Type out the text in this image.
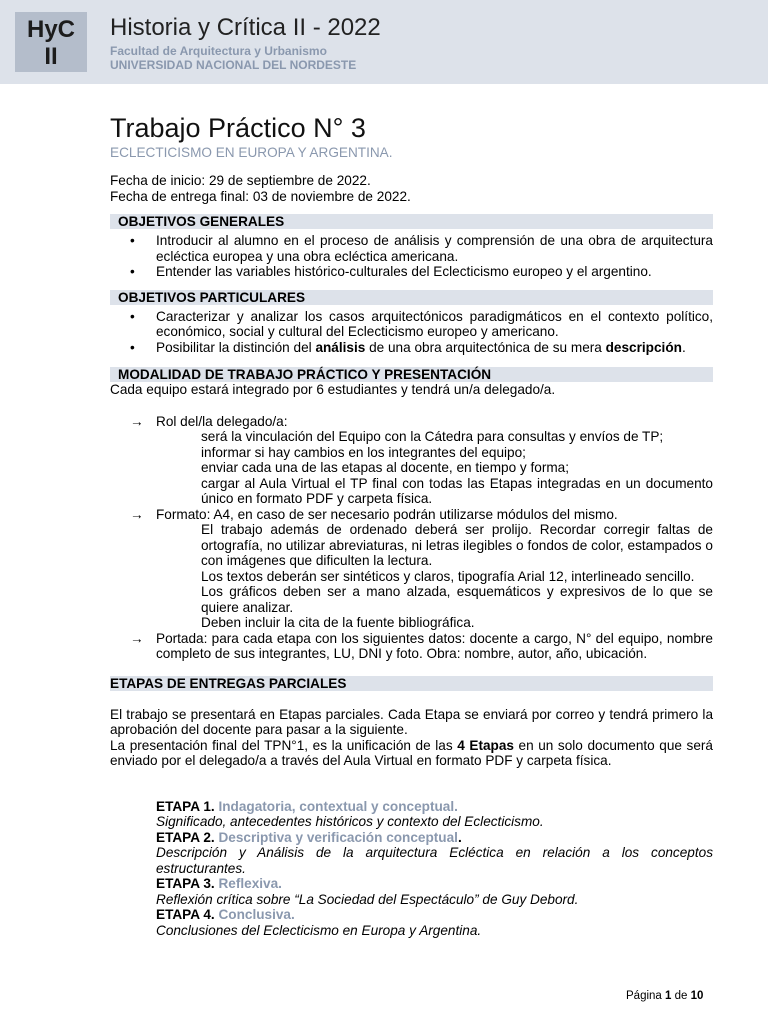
HyC
II
Historia y Crítica II - 2022
Facultad de Arquitectura y Urbanismo
UNIVERSIDAD NACIONAL DEL NORDESTE
Trabajo Práctico N° 3
ECLECTICISMO EN EUROPA Y ARGENTINA.
Fecha de inicio: 29 de septiembre de 2022.
Fecha de entrega final: 03 de noviembre de 2022.
OBJETIVOS GENERALES
• Introducir al alumno en el proceso de análisis y comprensión de una obra de arquitectura ecléctica europea y una obra ecléctica americana.
• Entender las variables histórico-culturales del Eclecticismo europeo y el argentino.
OBJETIVOS PARTICULARES
• Caracterizar y analizar los casos arquitectónicos paradigmáticos en el contexto político, económico, social y cultural del Eclecticismo europeo y americano.
• Posibilitar la distinción del análisis de una obra arquitectónica de su mera descripción.
MODALIDAD DE TRABAJO PRÁCTICO Y PRESENTACIÓN
Cada equipo estará integrado por 6 estudiantes y tendrá un/a delegado/a.
→ Rol del/la delegado/a:
será la vinculación del Equipo con la Cátedra para consultas y envíos de TP;
informar si hay cambios en los integrantes del equipo;
enviar cada una de las etapas al docente, en tiempo y forma;
cargar al Aula Virtual el TP final con todas las Etapas integradas en un documento único en formato PDF y carpeta física.
→ Formato: A4, en caso de ser necesario podrán utilizarse módulos del mismo.
El trabajo además de ordenado deberá ser prolijo. Recordar corregir faltas de ortografía, no utilizar abreviaturas, ni letras ilegibles o fondos de color, estampados o con imágenes que dificulten la lectura.
Los textos deberán ser sintéticos y claros, tipografía Arial 12, interlineado sencillo.
Los gráficos deben ser a mano alzada, esquemáticos y expresivos de lo que se quiere analizar.
Deben incluir la cita de la fuente bibliográfica.
→ Portada: para cada etapa con los siguientes datos: docente a cargo, N° del equipo, nombre completo de sus integrantes, LU, DNI y foto. Obra: nombre, autor, año, ubicación.
ETAPAS DE ENTREGAS PARCIALES
El trabajo se presentará en Etapas parciales. Cada Etapa se enviará por correo y tendrá primero la aprobación del docente para pasar a la siguiente.
La presentación final del TPN°1, es la unificación de las 4 Etapas en un solo documento que será enviado por el delegado/a a través del Aula Virtual en formato PDF y carpeta física.
ETAPA 1. Indagatoria, contextual y conceptual.
Significado, antecedentes históricos y contexto del Eclecticismo.
ETAPA 2. Descriptiva y verificación conceptual.
Descripción y Análisis de la arquitectura Ecléctica en relación a los conceptos estructurantes.
ETAPA 3. Reflexiva.
Reflexión crítica sobre “La Sociedad del Espectáculo” de Guy Debord.
ETAPA 4. Conclusiva.
Conclusiones del Eclecticismo en Europa y Argentina.
Página 1 de 10
